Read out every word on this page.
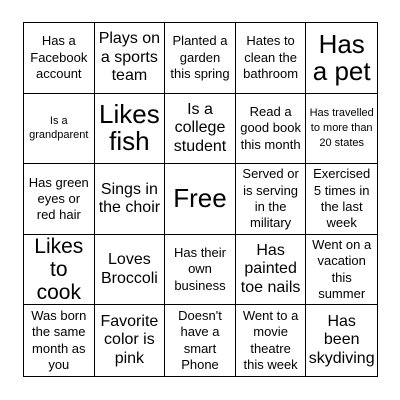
Has a Facebook account
Plays on a sports team
Planted a garden this spring
Hates to clean the bathroom
Has a pet
Is a grandparent
Likes fish
Is a college student
Read a good book this month
Has travelled to more than 20 states
Has green eyes or red hair
Sings in the choir Free
Served or is serving in the military
Exercised 5 times in the last week
Likes to cook
Loves Broccoli
Has their own business
Has painted toe nails
Went on a vacation this summer
Was born the same month as you
Favorite color is pink
Doesn't have a smart Phone
Went to a movie theatre this week
Has been skydiving
